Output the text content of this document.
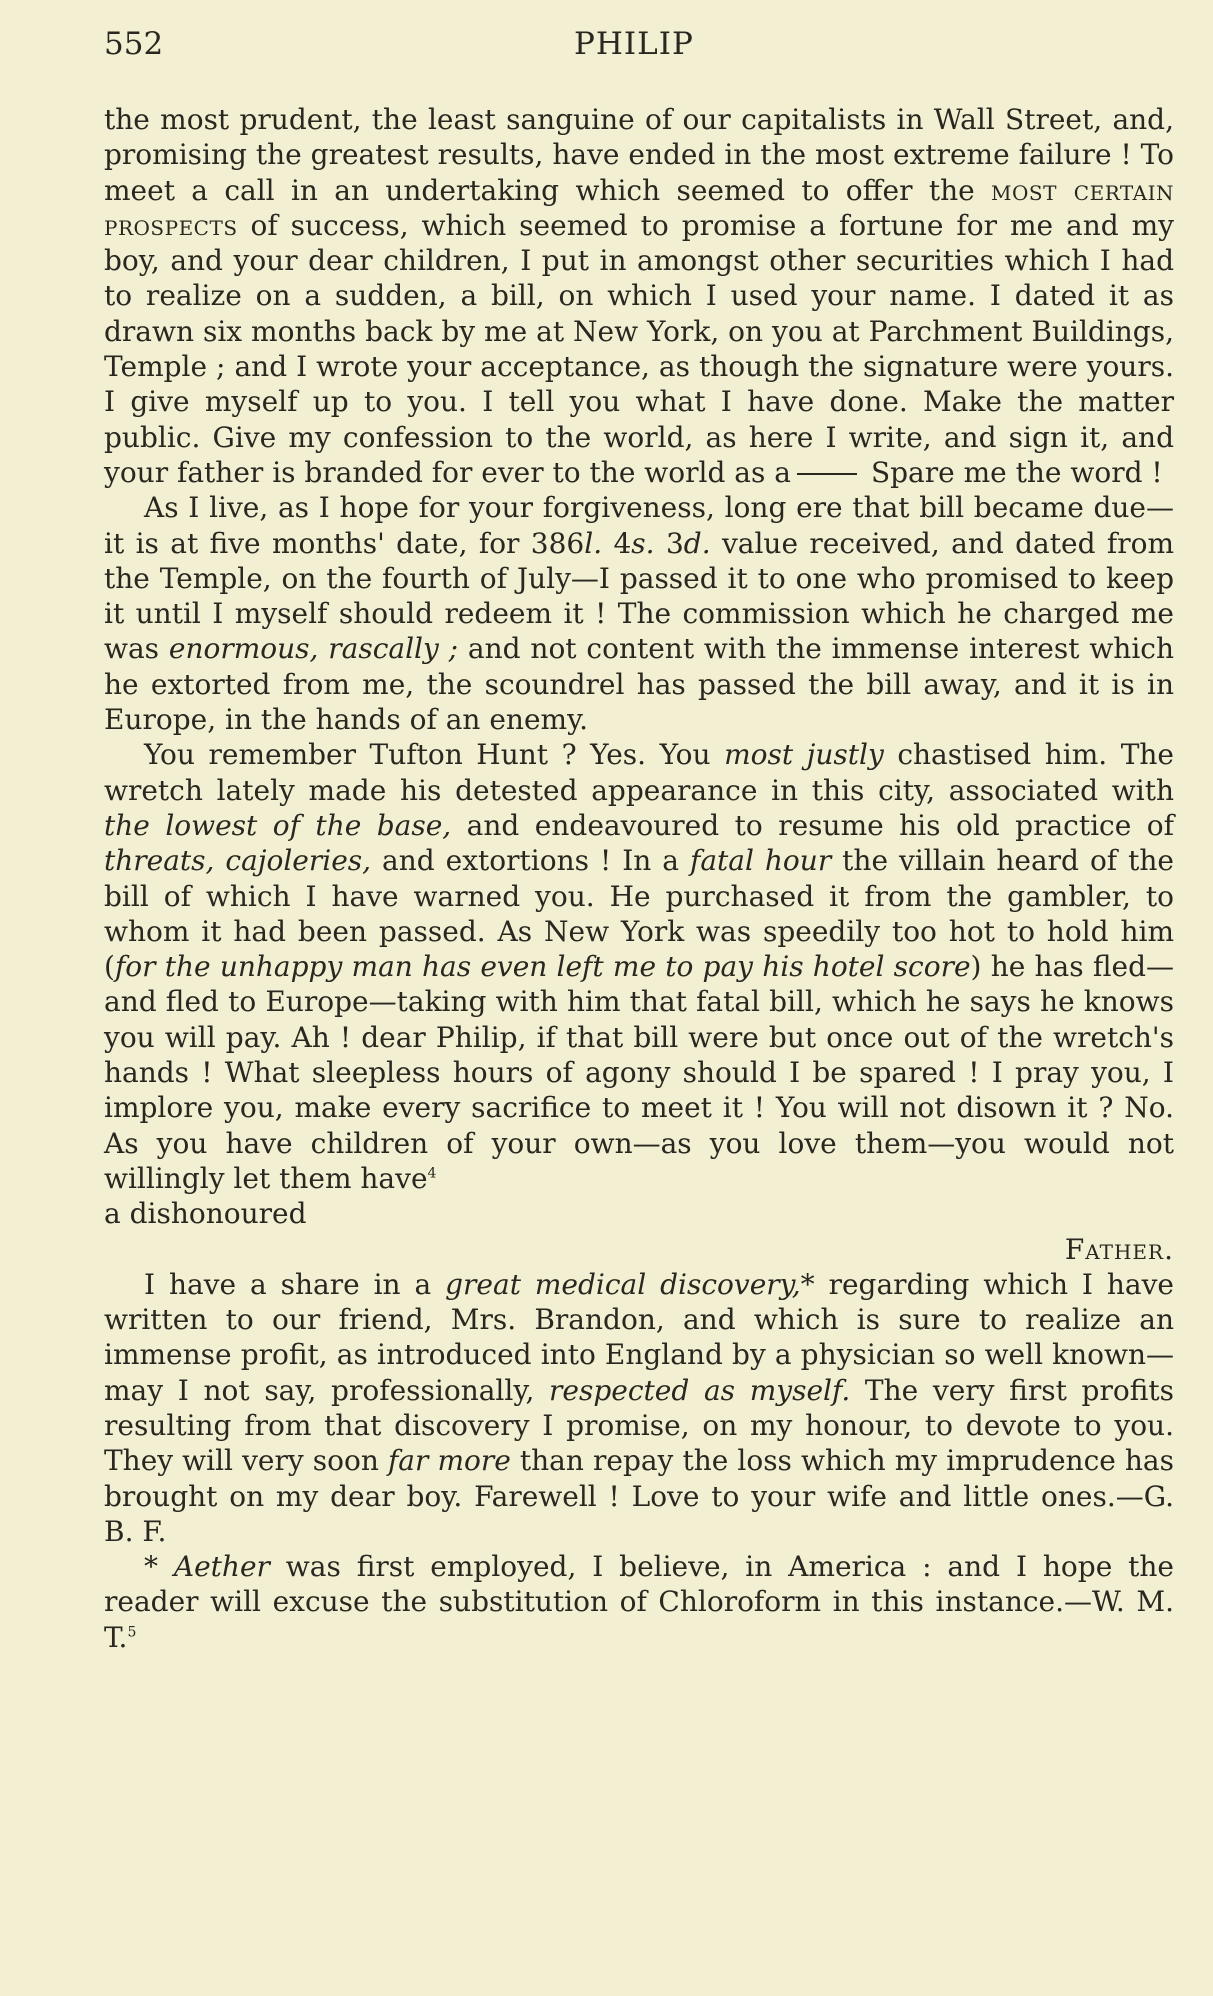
552	PHILIP

the most prudent, the least sanguine of our capitalists in Wall Street, and, promising the greatest results, have ended in the most extreme failure ! To meet a call in an undertaking which seemed to offer the most certain prospects of success, which seemed to promise a fortune for me and my boy, and your dear children, I put in amongst other securities which I had to realize on a sudden, a bill, on which I used your name. I dated it as drawn six months back by me at New York, on you at Parchment Buildings, Temple ; and I wrote your acceptance, as though the signature were yours. I give myself up to you. I tell you what I have done. Make the matter public. Give my confession to the world, as here I write, and sign it, and your father is branded for ever to the world as a	Spare me the word !

As I live, as I hope for your forgiveness, long ere that bill became due—it is at five months' date, for 386l. 4s. 3d. value received, and dated from the Temple, on the fourth of July—I passed it to one who promised to keep it until I myself should redeem it ! The commission which he charged me was enormous, rascally ; and not content with the immense interest which he extorted from me, the scoundrel has passed the bill away, and it is in Europe, in the hands of an enemy.

You remember Tufton Hunt ? Yes. You most justly chastised him. The wretch lately made his detested appearance in this city, associated with the lowest of the base, and endeavoured to resume his old practice of threats, cajoleries, and extortions ! In a fatal hour the villain heard of the bill of which I have warned you. He purchased it from the gambler, to whom it had been passed. As New York was speedily too hot to hold him (for the unhappy man has even left me to pay his hotel score) he has fled—and fled to Europe—taking with him that fatal bill, which he says he knows you will pay. Ah ! dear Philip, if that bill were but once out of the wretch's hands ! What sleepless hours of agony should I be spared ! I pray you, I implore you, make every sacrifice to meet it ! You will not disown it ? No. As you have children of your own—as you love them—you would not willingly let them have$^4$

a dishonoured

Father.

I have a share in a great medical discovery,* regarding which I have written to our friend, Mrs. Brandon, and which is sure to realize an immense profit, as introduced into England by a physician so well known—may I not say, professionally, respected as myself. The very first profits resulting from that discovery I promise, on my honour, to devote to you. They will very soon far more than repay the loss which my imprudence has brought on my dear boy. Farewell ! Love to your wife and little ones.—G. B. F.

* Aether was first employed, I believe, in America : and I hope the reader will excuse the substitution of Chloroform in this instance.—W. M. T.$^5$
